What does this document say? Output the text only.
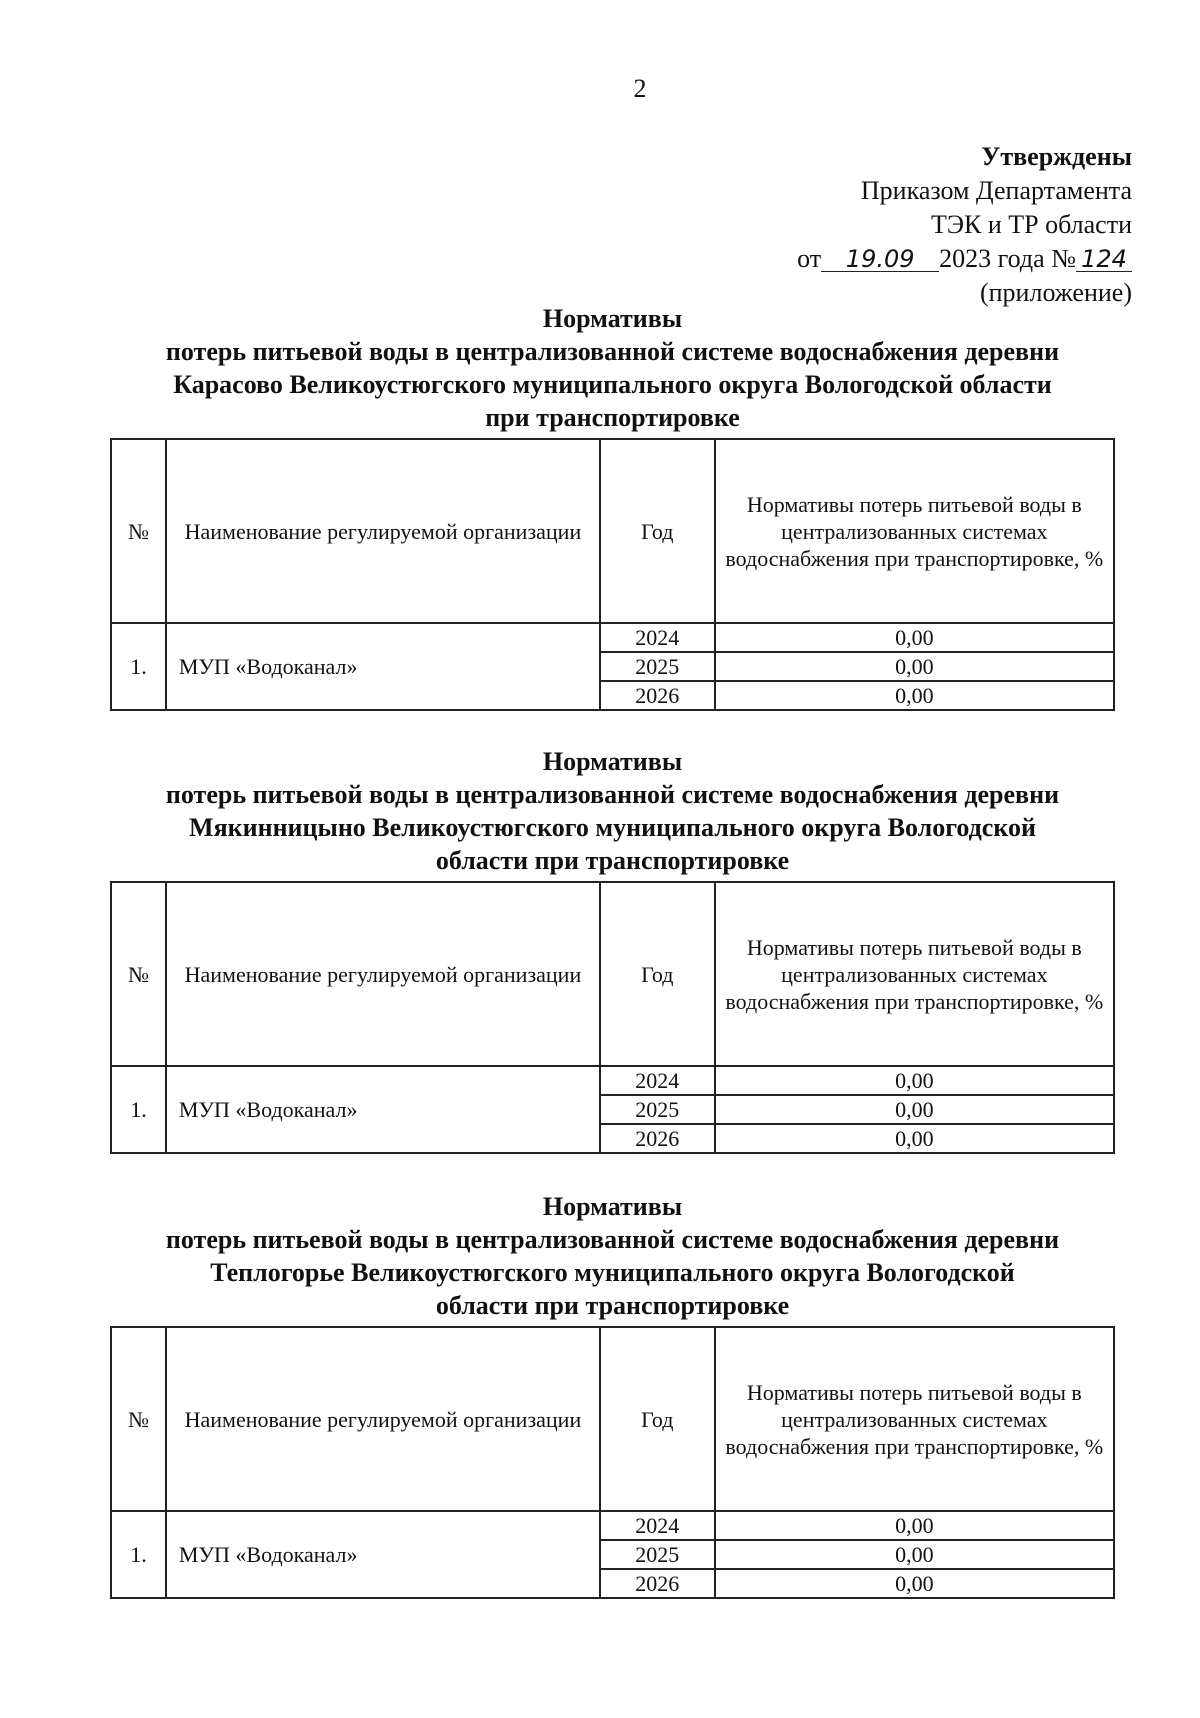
2
Утверждены
Приказом Департамента
ТЭК и ТР области
от 19.09 2023 года № 124
(приложение)
Нормативы
потерь питьевой воды в централизованной системе водоснабжения деревни
Карасово Великоустюгского муниципального округа Вологодской области
при транспортировке
№	Наименование регулируемой организации	Год	Нормативы потерь питьевой воды в централизованных системах водоснабжения при транспортировке, %
1.	МУП «Водоканал»	2024	0,00
		2025	0,00
		2026	0,00
Нормативы
потерь питьевой воды в централизованной системе водоснабжения деревни
Мякинницыно Великоустюгского муниципального округа Вологодской
области при транспортировке
№	Наименование регулируемой организации	Год	Нормативы потерь питьевой воды в централизованных системах водоснабжения при транспортировке, %
1.	МУП «Водоканал»	2024	0,00
		2025	0,00
		2026	0,00
Нормативы
потерь питьевой воды в централизованной системе водоснабжения деревни
Теплогорье Великоустюгского муниципального округа Вологодской
области при транспортировке
№	Наименование регулируемой организации	Год	Нормативы потерь питьевой воды в централизованных системах водоснабжения при транспортировке, %
1.	МУП «Водоканал»	2024	0,00
		2025	0,00
		2026	0,00
